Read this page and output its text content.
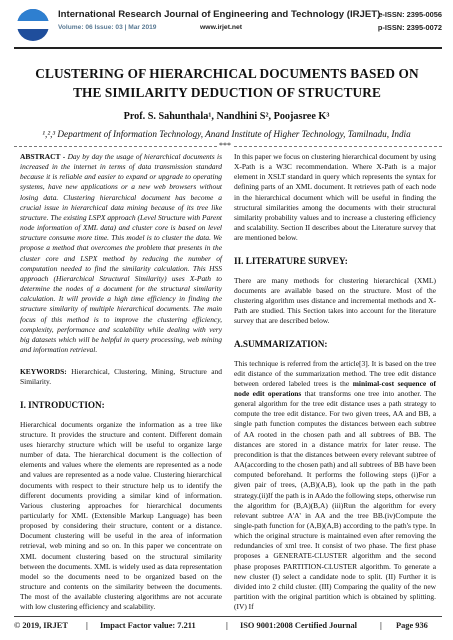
International Research Journal of Engineering and Technology (IRJET)
Volume: 06 Issue: 03 | Mar 2019	www.irjet.net
e-ISSN: 2395-0056
p-ISSN: 2395-0072
CLUSTERING OF HIERARCHICAL DOCUMENTS BASED ON THE SIMILARITY DEDUCTION OF STRUCTURE
Prof. S. Sahunthala¹, Nandhini S², Poojasree K³
¹,²,³ Department of Information Technology, Anand Institute of Higher Technology, Tamilnadu, India
***

ABSTRACT - Day by day the usage of hierarchical documents is increased in the internet in terms of data transmission standard because it is reliable and easier to expand or upgrade to operating systems, have new applications or a new web browsers without losing data. Clustering hierarchical document has become a crucial issue in hierarchical data mining because of its tree like structure. The existing LSPX approach (Level Structure with Parent node information of XML data) and cluster core is based on level structure consume more time. This model is to cluster the data. We propose a method that overcomes the problem that presents in the cluster core and LSPX method by reducing the number of computation needed to find the similarity calculation. This HSS approach (Hierarchical Structural Similarity) uses X-Path to determine the nodes of a document for the structural similarity calculation. It will provide a high time efficiency in finding the structure similarity of multiple hierarchical documents. The main focus of this method is to improve the clustering efficiency, complexity, performance and scalability while dealing with very big datasets which will be helpful in query processing, web mining and information retrieval.

KEYWORDS: Hierarchical, Clustering, Mining, Structure and Similarity.

I. INTRODUCTION:

Hierarchical documents organize the information as a tree like structure. It provides the structure and content. Different domain uses hierarchy structure which will be useful to organize large number of data. The hierarchical document is the collection of elements and values where the elements are represented as a node and values are represented as a node value. Clustering hierarchical documents with respect to their structure help us to identify the different documents providing a similar kind of information. Various clustering approaches for hierarchical documents particularly for XML (Extensible Markup Language) has been proposed by considering their structure, content or a distance. Document clustering will be useful in the area of information retrieval, web mining and so on. In this paper we concentrate on XML document clustering based on the structural similarity between the documents. XML is widely used as data representation model so the documents need to be organized based on the structure and contents on the similarity between the documents. The most of the available clustering algorithms are not accurate with low clustering efficiency and scalability.

In this paper we focus on clustering hierarchical document by using X-Path is a W3C recommendation. Where X-Path is a major element in XSLT standard in query which represents the syntax for defining parts of an XML document. It retrieves path of each node in the hierarchical document which will be useful in finding the structural similarities among the documents with their structural similarity probability values and to increase a clustering efficiency and scalability. Section II describes about the Literature survey that are mentioned below.

II. LITERATURE SURVEY:

There are many methods for clustering hierarchical (XML) documents are available based on the structure. Most of the clustering algorithm uses distance and incremental methods and X-Path are studied. This Section takes into account for the literature survey that are described below.

A.SUMMARIZATION:

This technique is referred from the article[3]. It is based on the tree edit distance of the summarization method. The tree edit distance between ordered labeled trees is the minimal-cost sequence of node edit operations that transforms one tree into another. The general algorithm for the tree edit distance uses a path strategy to compute the tree edit distance. For two given trees, AA and BB, a single path function computes the distances between each subtree of AA rooted in the chosen path and all subtrees of BB. The distances are stored in a distance matrix for later reuse. The precondition is that the distances between every relevant subtree of AA(according to the chosen path) and all subtrees of BB have been computed beforehand. It performs the following steps (i)For a given pair of trees, (A,B)(A,B), look up the path in the path strategy.(ii)If the path is in AAdo the following steps, otherwise run the algorithm for (B,A)(B,A) (iii)Run the algorithm for every relevant subtree A'A' in AA and the tree BB.(iv)Compute the single-path function for (A,B)(A,B) according to the path's type. In which the original structure is maintained even after removing the redundancies of xml tree. It consist of two phase. The first phase proposes a GENERATE-CLUSTER algorithm and the second phase proposes PARTITION-CLUSTER algorithm. To generate a new cluster (I) select a candidate node to split. (II) Further it is divided into 2 child cluster. (III) Comparing the quality of the new partition with the original partition which is obtained by splitting. (IV) If

© 2019, IRJET | Impact Factor value: 7.211	| ISO 9001:2008 Certified Journal	| Page 936
